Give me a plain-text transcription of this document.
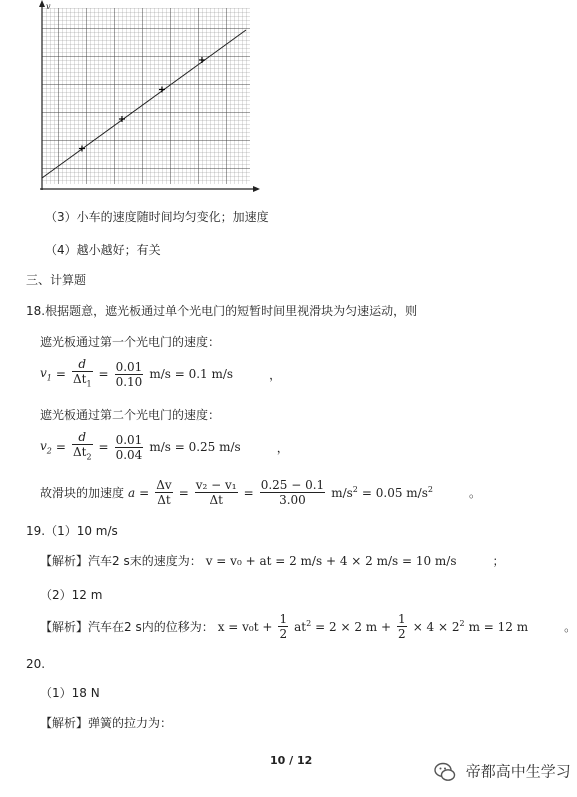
v
（3）小车的速度随时间均匀变化；加速度
（4）越小越好；有关
三、计算题
18.根据题意，遮光板通过单个光电门的短暂时间里视滑块为匀速运动，则
遮光板通过第一个光电门的速度：
$v_1 = \frac{d}{\Delta t_1} = \frac{0.01}{0.10} m/s = 0.1$ m/s	，
遮光板通过第二个光电门的速度：
$v_2 = \frac{d}{\Delta t_2} = \frac{0.01}{0.04} m/s = 0.25$ m/s	，
故滑块的加速度 $a = \frac{\Delta v}{\Delta t} = \frac{\text{v₂ − v₁}}{\Delta t} = \frac{0.25 - 0.1}{3.00} m/s^2 = 0.05$ $m/s^2$	。
19.（1）10 m/s
【解析】汽车2 s末的速度为： v = v₀ + at = 2 m/s + 4 × 2 m/s = 10 m/s	；
（2）12 m
【解析】汽车在2 s内的位移为： $x = v_0t + \frac{1}{2} at^2 = 2 \times 2$ $m + \frac{1}{2} \times 4 \times 2^2$ m = 12 m	。
20.
（1）18 N
【解析】弹簧的拉力为：
10 / 12
帝都高中生学习
